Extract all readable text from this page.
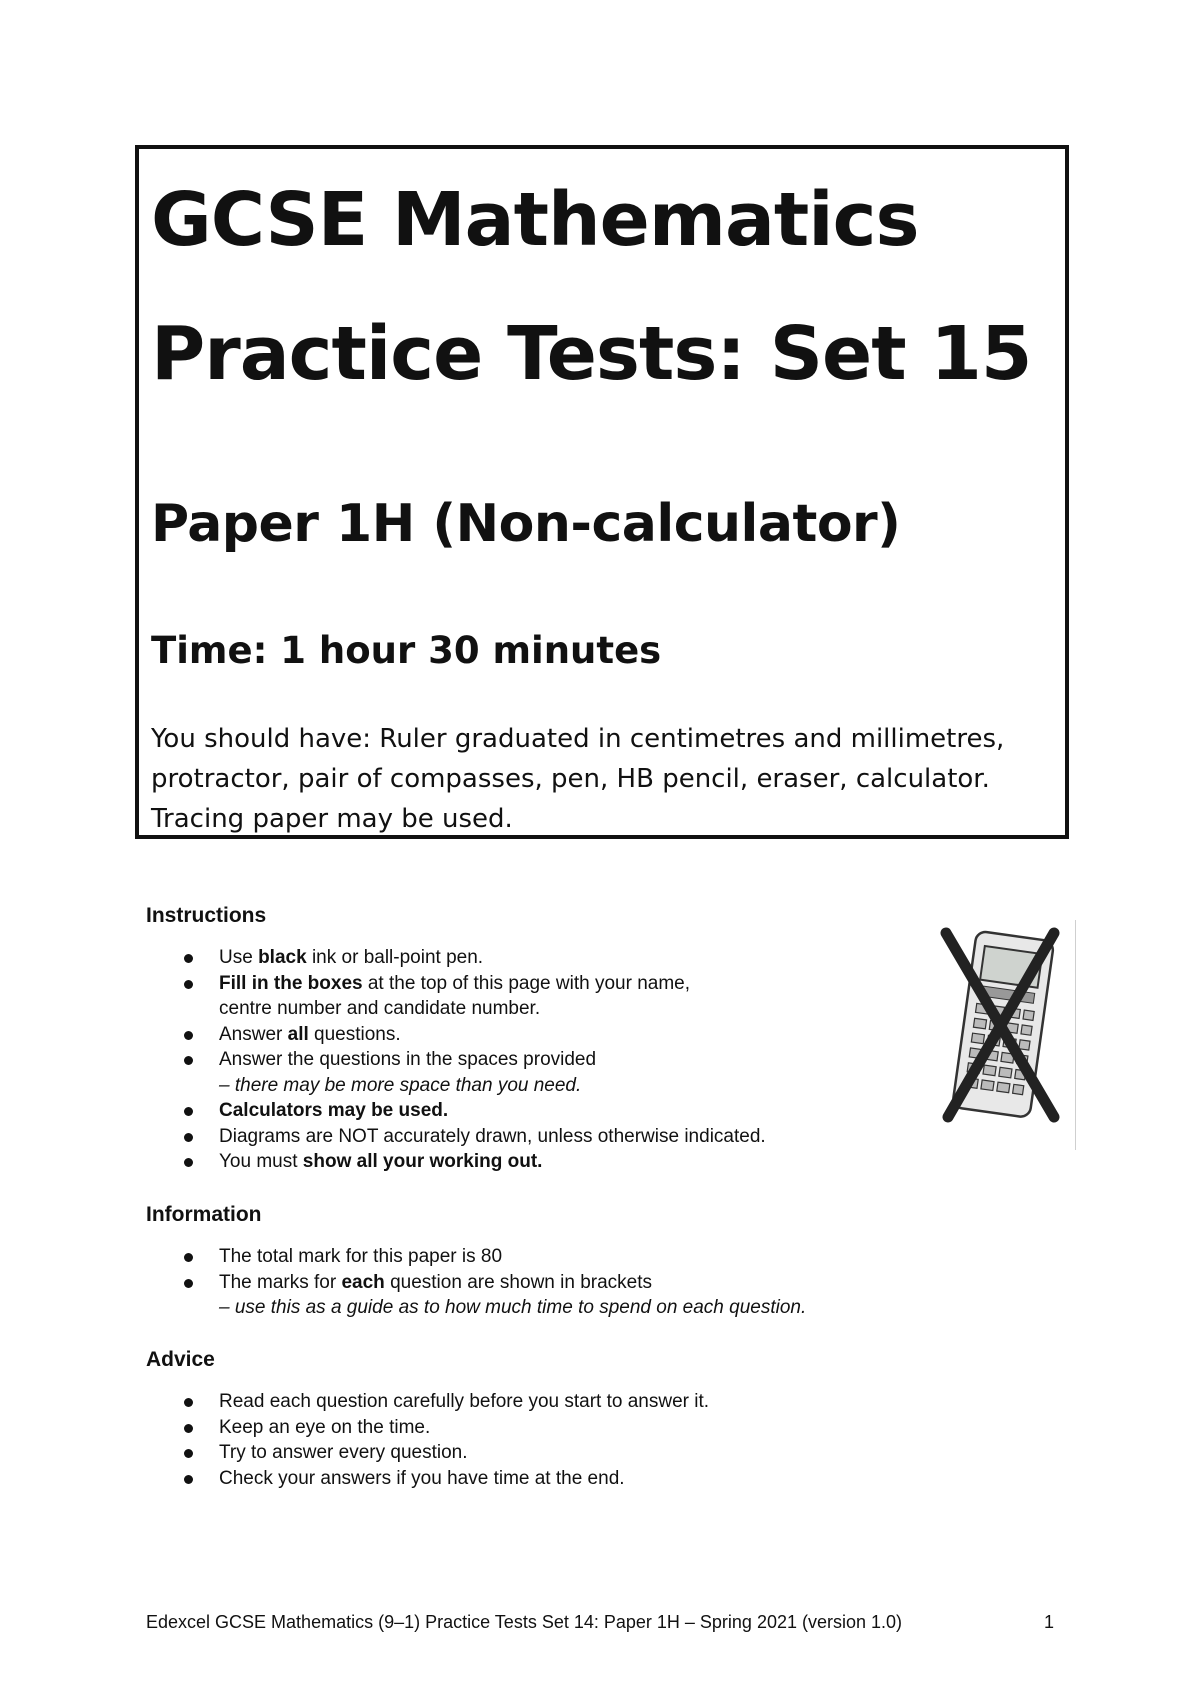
GCSE Mathematics
Practice Tests: Set 15
Paper 1H (Non-calculator)
Time: 1 hour 30 minutes
You should have: Ruler graduated in centimetres and millimetres,
protractor, pair of compasses, pen, HB pencil, eraser, calculator.
Tracing paper may be used.
Instructions
Use black ink or ball-point pen.
Fill in the boxes at the top of this page with your name,
centre number and candidate number.
Answer all questions.
Answer the questions in the spaces provided
– there may be more space than you need.
Calculators may be used.
Diagrams are NOT accurately drawn, unless otherwise indicated.
You must show all your working out.
Information
The total mark for this paper is 80
The marks for each question are shown in brackets
– use this as a guide as to how much time to spend on each question.
Advice
Read each question carefully before you start to answer it.
Keep an eye on the time.
Try to answer every question.
Check your answers if you have time at the end.
Edexcel GCSE Mathematics (9–1) Practice Tests Set 14: Paper 1H – Spring 2021 (version 1.0)	1
